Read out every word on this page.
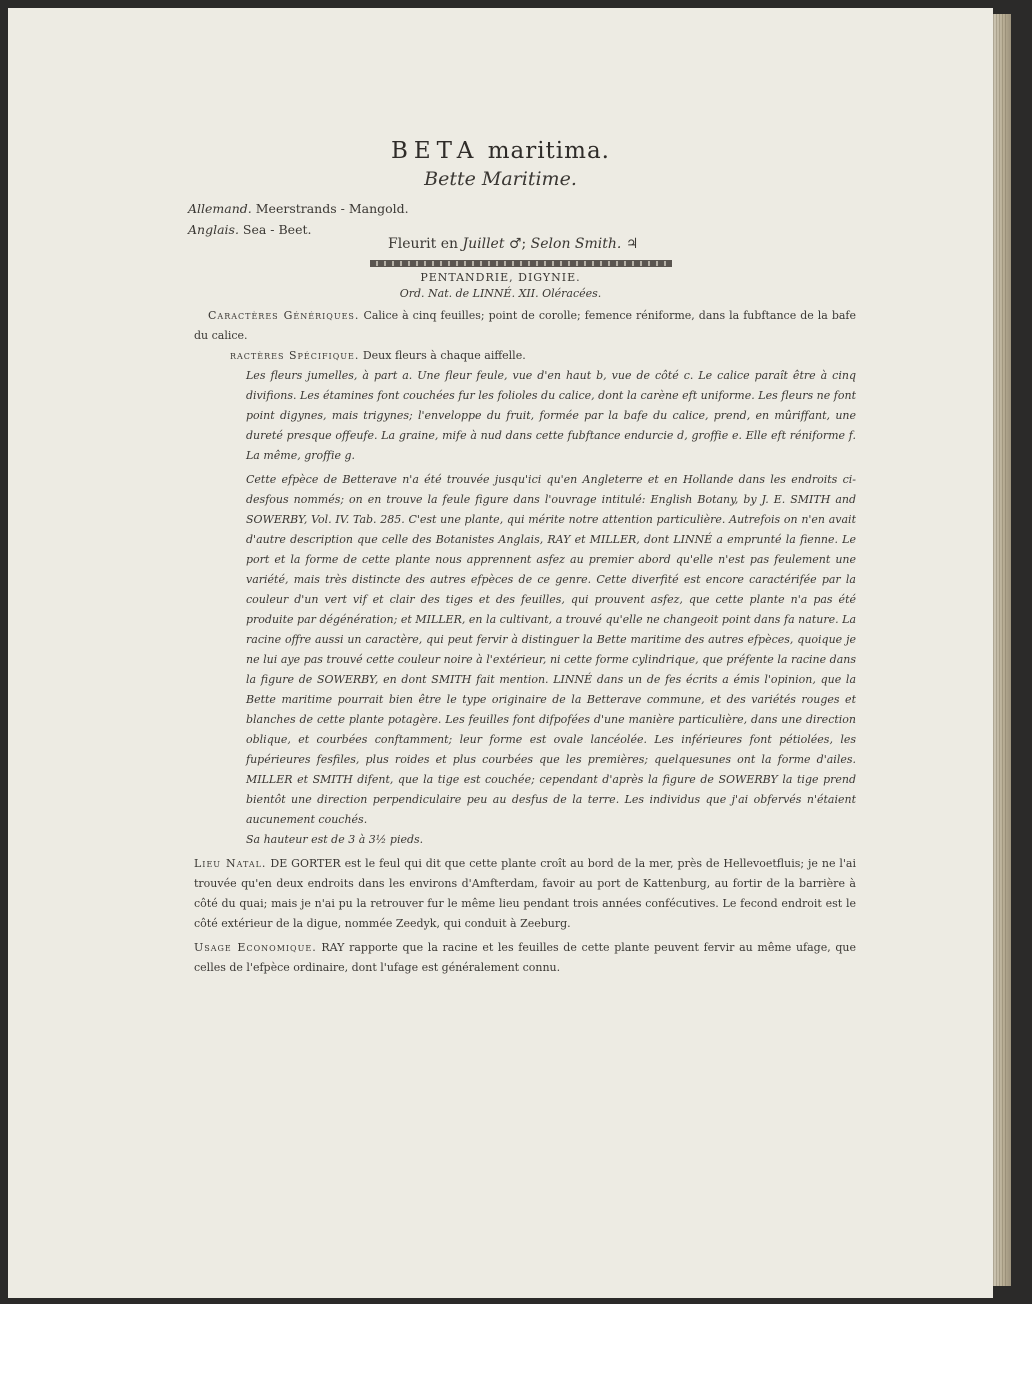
BETA maritima.
Bette Maritime.
Allemand. Meerstrands - Mangold.
Anglais. Sea - Beet.
Fleurit en Juillet ♂; Selon Smith. ♃
PENTANDRIE, DIGYNIE.
Ord. Nat. de LINNÉ. XII. Oléracées.

Caractères Génériques. Calice à cinq feuilles; point de corolle; femence réniforme, dans la fubftance de la bafe du calice.

ractères Spécifique. Deux fleurs à chaque aiffelle.

Les fleurs jumelles, à part a. Une fleur feule, vue d'en haut b, vue de côté c. Le calice paraît être à cinq divifions. Les étamines font couchées fur les folioles du calice, dont la carène eft uniforme. Les fleurs ne font point digynes, mais trigynes; l'enveloppe du fruit, formée par la bafe du calice, prend, en mûriffant, une dureté presque offeufe. La graine, mife à nud dans cette fubftance endurcie d, groffie e. Elle eft réniforme f. La même, groffie g.

Cette efpèce de Betterave n'a été trouvée jusqu'ici qu'en Angleterre et en Hollande dans les endroits ci-desfous nommés; on en trouve la feule figure dans l'ouvrage intitulé: English Botany, by J. E. SMITH and SOWERBY, Vol. IV. Tab. 285. C'est une plante, qui mérite notre attention particulière. Autrefois on n'en avait d'autre description que celle des Botanistes Anglais, RAY et MILLER, dont LINNÉ a emprunté la fienne. Le port et la forme de cette plante nous apprennent asfez au premier abord qu'elle n'est pas feulement une variété, mais très distincte des autres efpèces de ce genre. Cette diverfité est encore caractérifée par la couleur d'un vert vif et clair des tiges et des feuilles, qui prouvent asfez, que cette plante n'a pas été produite par dégénération; et MILLER, en la cultivant, a trouvé qu'elle ne changeoit point dans fa nature. La racine offre aussi un caractère, qui peut fervir à distinguer la Bette maritime des autres efpèces, quoique je ne lui aye pas trouvé cette couleur noire à l'extérieur, ni cette forme cylindrique, que préfente la racine dans la figure de SOWERBY, en dont SMITH fait mention. LINNÉ dans un de fes écrits a émis l'opinion, que la Bette maritime pourrait bien être le type originaire de la Betterave commune, et des variétés rouges et blanches de cette plante potagère. Les feuilles font difpofées d'une manière particulière, dans une direction oblique, et courbées conftamment; leur forme est ovale lancéolée. Les inférieures font pétiolées, les fupérieures fesfiles, plus roides et plus courbées que les premières; quelquesunes ont la forme d'ailes. MILLER et SMITH difent, que la tige est couchée; cependant d'après la figure de SOWERBY la tige prend bientôt une direction perpendiculaire peu au desfus de la terre. Les individus que j'ai obfervés n'étaient aucunement couchés.

Sa hauteur est de 3 à 3½ pieds.

Lieu Natal. DE GORTER est le feul qui dit que cette plante croît au bord de la mer, près de Hellevoetfluis; je ne l'ai trouvée qu'en deux endroits dans les environs d'Amfterdam, favoir au port de Kattenburg, au fortir de la barrière à côté du quai; mais je n'ai pu la retrouver fur le même lieu pendant trois années confécutives. Le fecond endroit est le côté extérieur de la digue, nommée Zeedyk, qui conduit à Zeeburg.

Usage Economique. RAY rapporte que la racine et les feuilles de cette plante peuvent fervir au même ufage, que celles de l'efpèce ordinaire, dont l'ufage est généralement connu.
